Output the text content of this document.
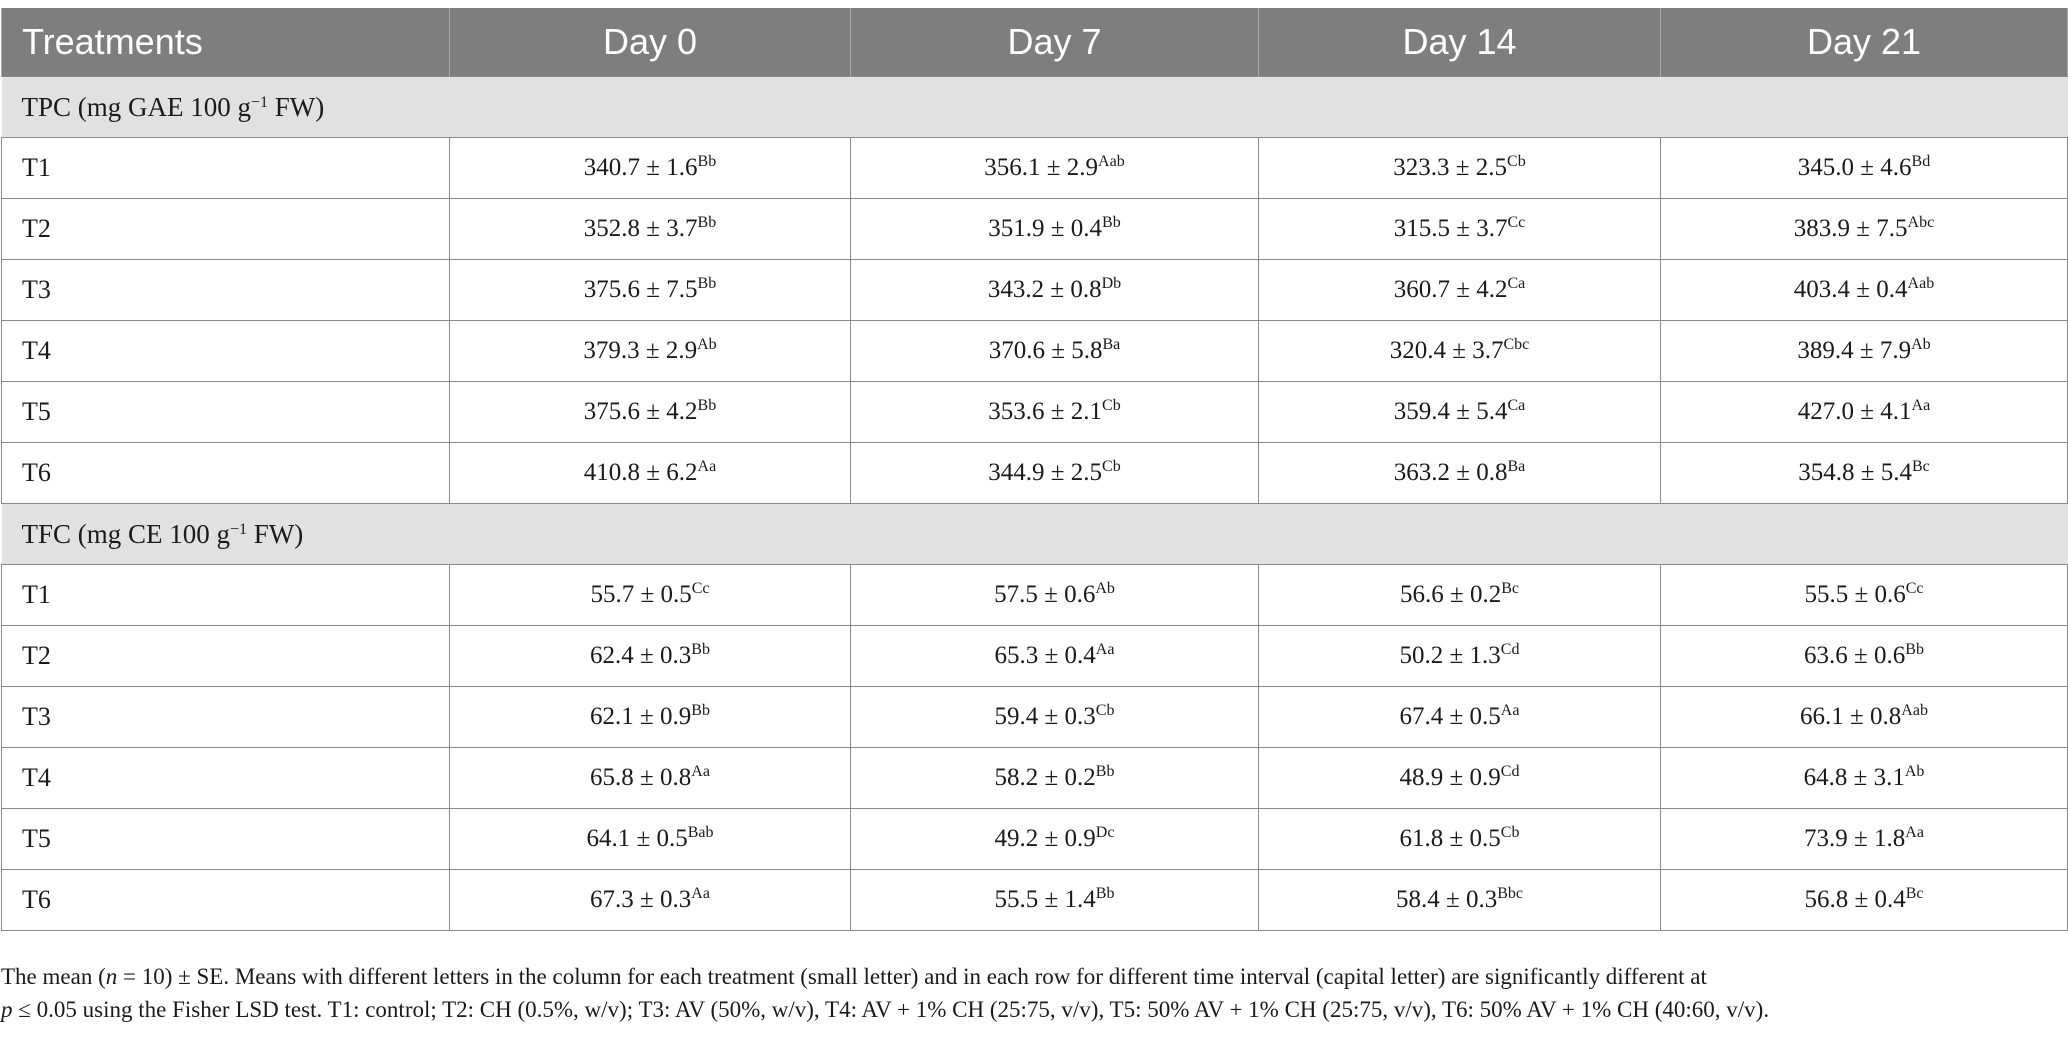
Treatments	Day 0	Day 7	Day 14	Day 21
TPC (mg GAE 100 $g^{-1}$ FW)				
T1	$340.7 \pm 1.6^{Bb}$	$356.1 \pm 2.9^{Aab}$	$323.3 \pm 2.5^{Cb}$	$345.0 \pm 4.6^{Bd}$
T2	$352.8 \pm 3.7^{Bb}$	$351.9 \pm 0.4^{Bb}$	$315.5 \pm 3.7^{Cc}$	$383.9 \pm 7.5^{Abc}$
T3	$375.6 \pm 7.5^{Bb}$	$343.2 \pm 0.8^{Db}$	$360.7 \pm 4.2^{Ca}$	$403.4 \pm 0.4^{Aab}$
T4	$379.3 \pm 2.9^{Ab}$	$370.6 \pm 5.8^{Ba}$	$320.4 \pm 3.7^{Cbc}$	$389.4 \pm 7.9^{Ab}$
T5	$375.6 \pm 4.2^{Bb}$	$353.6 \pm 2.1^{Cb}$	$359.4 \pm 5.4^{Ca}$	$427.0 \pm 4.1^{Aa}$
T6	$410.8 \pm 6.2^{Aa}$	$344.9 \pm 2.5^{Cb}$	$363.2 \pm 0.8^{Ba}$	$354.8 \pm 5.4^{Bc}$
TFC (mg CE 100 $g^{-1}$ FW)				
T1	$55.7 \pm 0.5^{Cc}$	$57.5 \pm 0.6^{Ab}$	$56.6 \pm 0.2^{Bc}$	$55.5 \pm 0.6^{Cc}$
T2	$62.4 \pm 0.3^{Bb}$	$65.3 \pm 0.4^{Aa}$	$50.2 \pm 1.3^{Cd}$	$63.6 \pm 0.6^{Bb}$
T3	$62.1 \pm 0.9^{Bb}$	$59.4 \pm 0.3^{Cb}$	$67.4 \pm 0.5^{Aa}$	$66.1 \pm 0.8^{Aab}$
T4	$65.8 \pm 0.8^{Aa}$	$58.2 \pm 0.2^{Bb}$	$48.9 \pm 0.9^{Cd}$	$64.8 \pm 3.1^{Ab}$
T5	$64.1 \pm 0.5^{Bab}$	$49.2 \pm 0.9^{Dc}$	$61.8 \pm 0.5^{Cb}$	$73.9 \pm 1.8^{Aa}$
T6	$67.3 \pm 0.3^{Aa}$	$55.5 \pm 1.4^{Bb}$	$58.4 \pm 0.3^{Bbc}$	$56.8 \pm 0.4^{Bc}$
The mean (n = 10) ± SE. Means with different letters in the column for each treatment (small letter) and in each row for different time interval (capital letter) are significantly different at
p ≤ 0.05 using the Fisher LSD test. T1: control; T2: CH (0.5%, w/v); T3: AV (50%, w/v), T4: AV + 1% CH (25:75, v/v), T5: 50% AV + 1% CH (25:75, v/v), T6: 50% AV + 1% CH (40:60, v/v).
